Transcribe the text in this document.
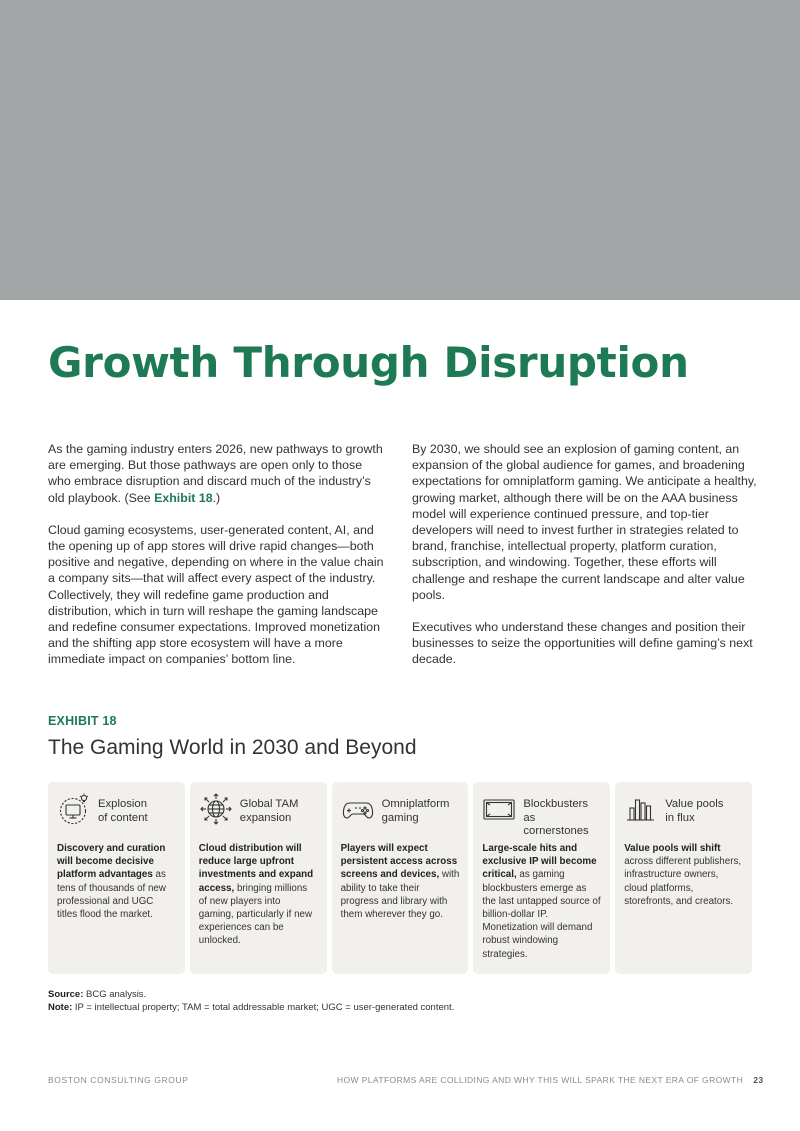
Growth Through Disruption

As the gaming industry enters 2026, new pathways to growth are emerging. But those pathways are open only to those who embrace disruption and discard much of the industry’s old playbook. (See Exhibit 18.)

Cloud gaming ecosystems, user-generated content, AI, and the opening up of app stores will drive rapid changes—both positive and negative, depending on where in the value chain a company sits—that will affect every aspect of the industry. Collectively, they will redefine game production and distribution, which in turn will reshape the gaming landscape and redefine consumer expectations. Improved monetization and the shifting app store ecosystem will have a more immediate impact on companies’ bottom line.

By 2030, we should see an explosion of gaming content, an expansion of the global audience for games, and broadening expectations for omniplatform gaming. We anticipate a healthy, growing market, although there will be on the AAA business model will experience continued pressure, and top-tier developers will need to invest further in strategies related to brand, franchise, intellectual property, platform curation, subscription, and windowing. Together, these efforts will challenge and reshape the current landscape and alter value pools.

Executives who understand these changes and position their businesses to seize the opportunities will define gaming’s next decade.

EXHIBIT 18
The Gaming World in 2030 and Beyond
Explosion
of content
Discovery and curation will become decisive platform advantages as tens of thousands of new professional and UGC titles flood the market.
Global TAM
expansion
Cloud distribution will reduce large upfront investments and expand access, bringing millions of new players into gaming, particularly if new experiences can be unlocked.
Omniplatform
gaming
Players will expect persistent access across screens and devices, with ability to take their progress and library with them wherever they go.
Blockbusters
as cornerstones
Large-scale hits and exclusive IP will become critical, as gaming blockbusters emerge as the last untapped source of billion-dollar IP. Monetization will demand robust windowing strategies.
Value pools
in flux
Value pools will shift across different publishers, infrastructure owners, cloud platforms, storefronts, and creators.
Source: BCG analysis.
Note: IP = intellectual property; TAM = total addressable market; UGC = user-generated content.
BOSTON CONSULTING GROUP	HOW PLATFORMS ARE COLLIDING AND WHY THIS WILL SPARK THE NEXT ERA OF GROWTH 23
